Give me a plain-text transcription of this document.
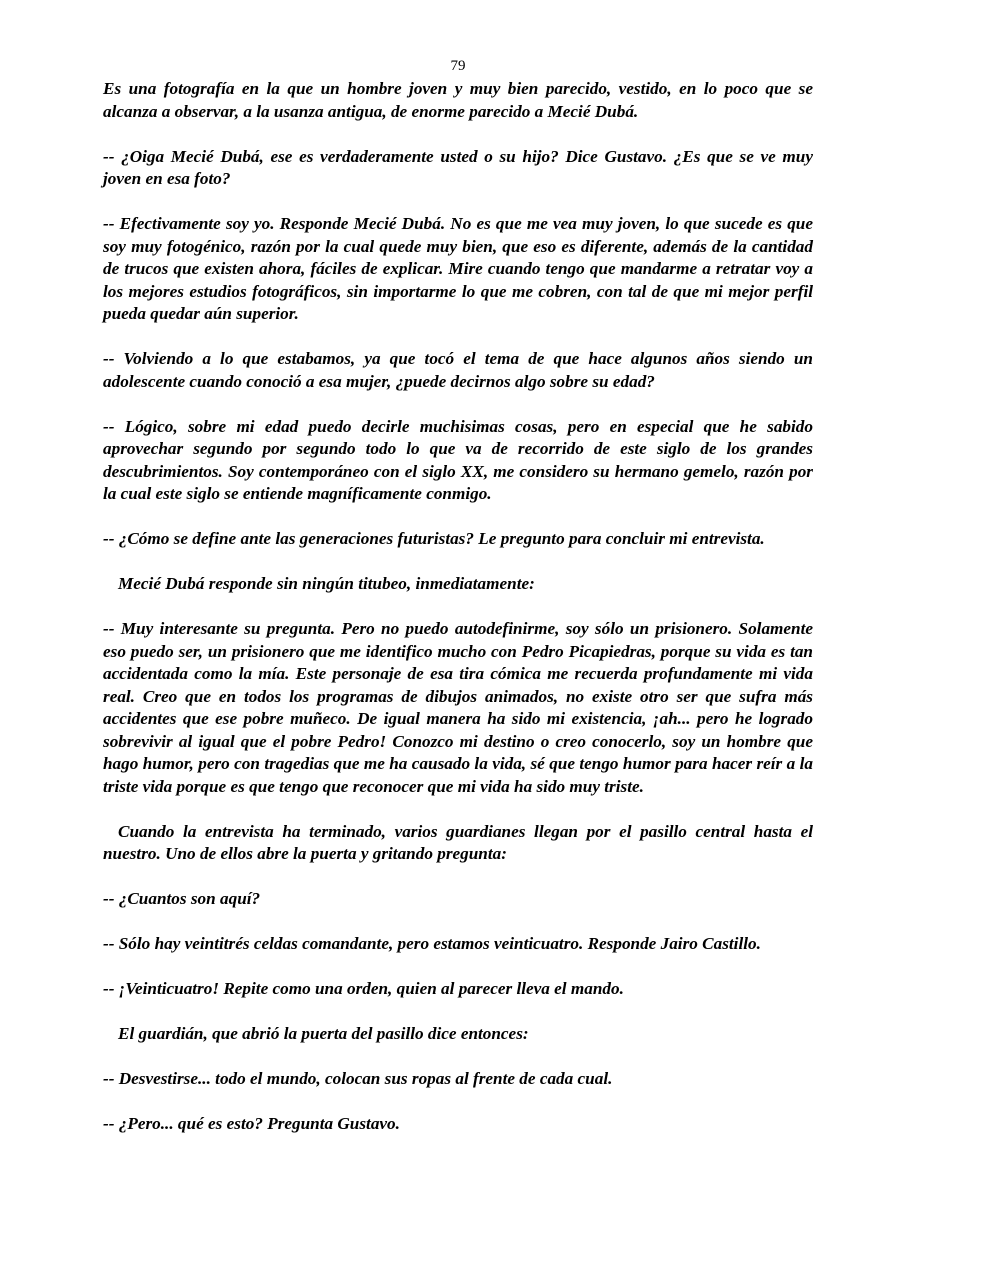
79

Es una fotografía en la que un hombre joven y muy bien parecido, vestido, en lo poco que se alcanza a observar, a la usanza antigua, de enorme parecido a Mecié Dubá.

-- ¿Oiga Mecié Dubá, ese es verdaderamente usted o su hijo? Dice Gustavo. ¿Es que se ve muy joven en esa foto?

-- Efectivamente soy yo. Responde Mecié Dubá. No es que me vea muy joven, lo que sucede es que soy muy fotogénico, razón por la cual quede muy bien, que eso es diferente, además de la cantidad de trucos que existen ahora, fáciles de explicar. Mire cuando tengo que mandarme a retratar voy a los mejores estudios fotográficos, sin importarme lo que me cobren, con tal de que mi mejor perfil pueda quedar aún superior.

-- Volviendo a lo que estabamos, ya que tocó el tema de que hace algunos años siendo un adolescente cuando conoció a esa mujer, ¿puede decirnos algo sobre su edad?

-- Lógico, sobre mi edad puedo decirle muchisimas cosas, pero en especial que he sabido aprovechar segundo por segundo todo lo que va de recorrido de este siglo de los grandes descubrimientos. Soy contemporáneo con el siglo XX, me considero su hermano gemelo, razón por la cual este siglo se entiende magníficamente conmigo.

-- ¿Cómo se define ante las generaciones futuristas? Le pregunto para concluir mi entrevista.

Mecié Dubá responde sin ningún titubeo, inmediatamente:

-- Muy interesante su pregunta. Pero no puedo autodefinirme, soy sólo un prisionero. Solamente eso puedo ser, un prisionero que me identifico mucho con Pedro Picapiedras, porque su vida es tan accidentada como la mía. Este personaje de esa tira cómica me recuerda profundamente mi vida real. Creo que en todos los programas de dibujos animados, no existe otro ser que sufra más accidentes que ese pobre muñeco. De igual manera ha sido mi existencia, ¡ah... pero he logrado sobrevivir al igual que el pobre Pedro! Conozco mi destino o creo conocerlo, soy un hombre que hago humor, pero con tragedias que me ha causado la vida, sé que tengo humor para hacer reír a la triste vida porque es que tengo que reconocer que mi vida ha sido muy triste.

Cuando la entrevista ha terminado, varios guardianes llegan por el pasillo central hasta el nuestro. Uno de ellos abre la puerta y gritando pregunta:

-- ¿Cuantos son aquí?

-- Sólo hay veintitrés celdas comandante, pero estamos veinticuatro. Responde Jairo Castillo.

-- ¡Veinticuatro! Repite como una orden, quien al parecer lleva el mando.

El guardián, que abrió la puerta del pasillo dice entonces:

-- Desvestirse... todo el mundo, colocan sus ropas al frente de cada cual.

-- ¿Pero... qué es esto? Pregunta Gustavo.
